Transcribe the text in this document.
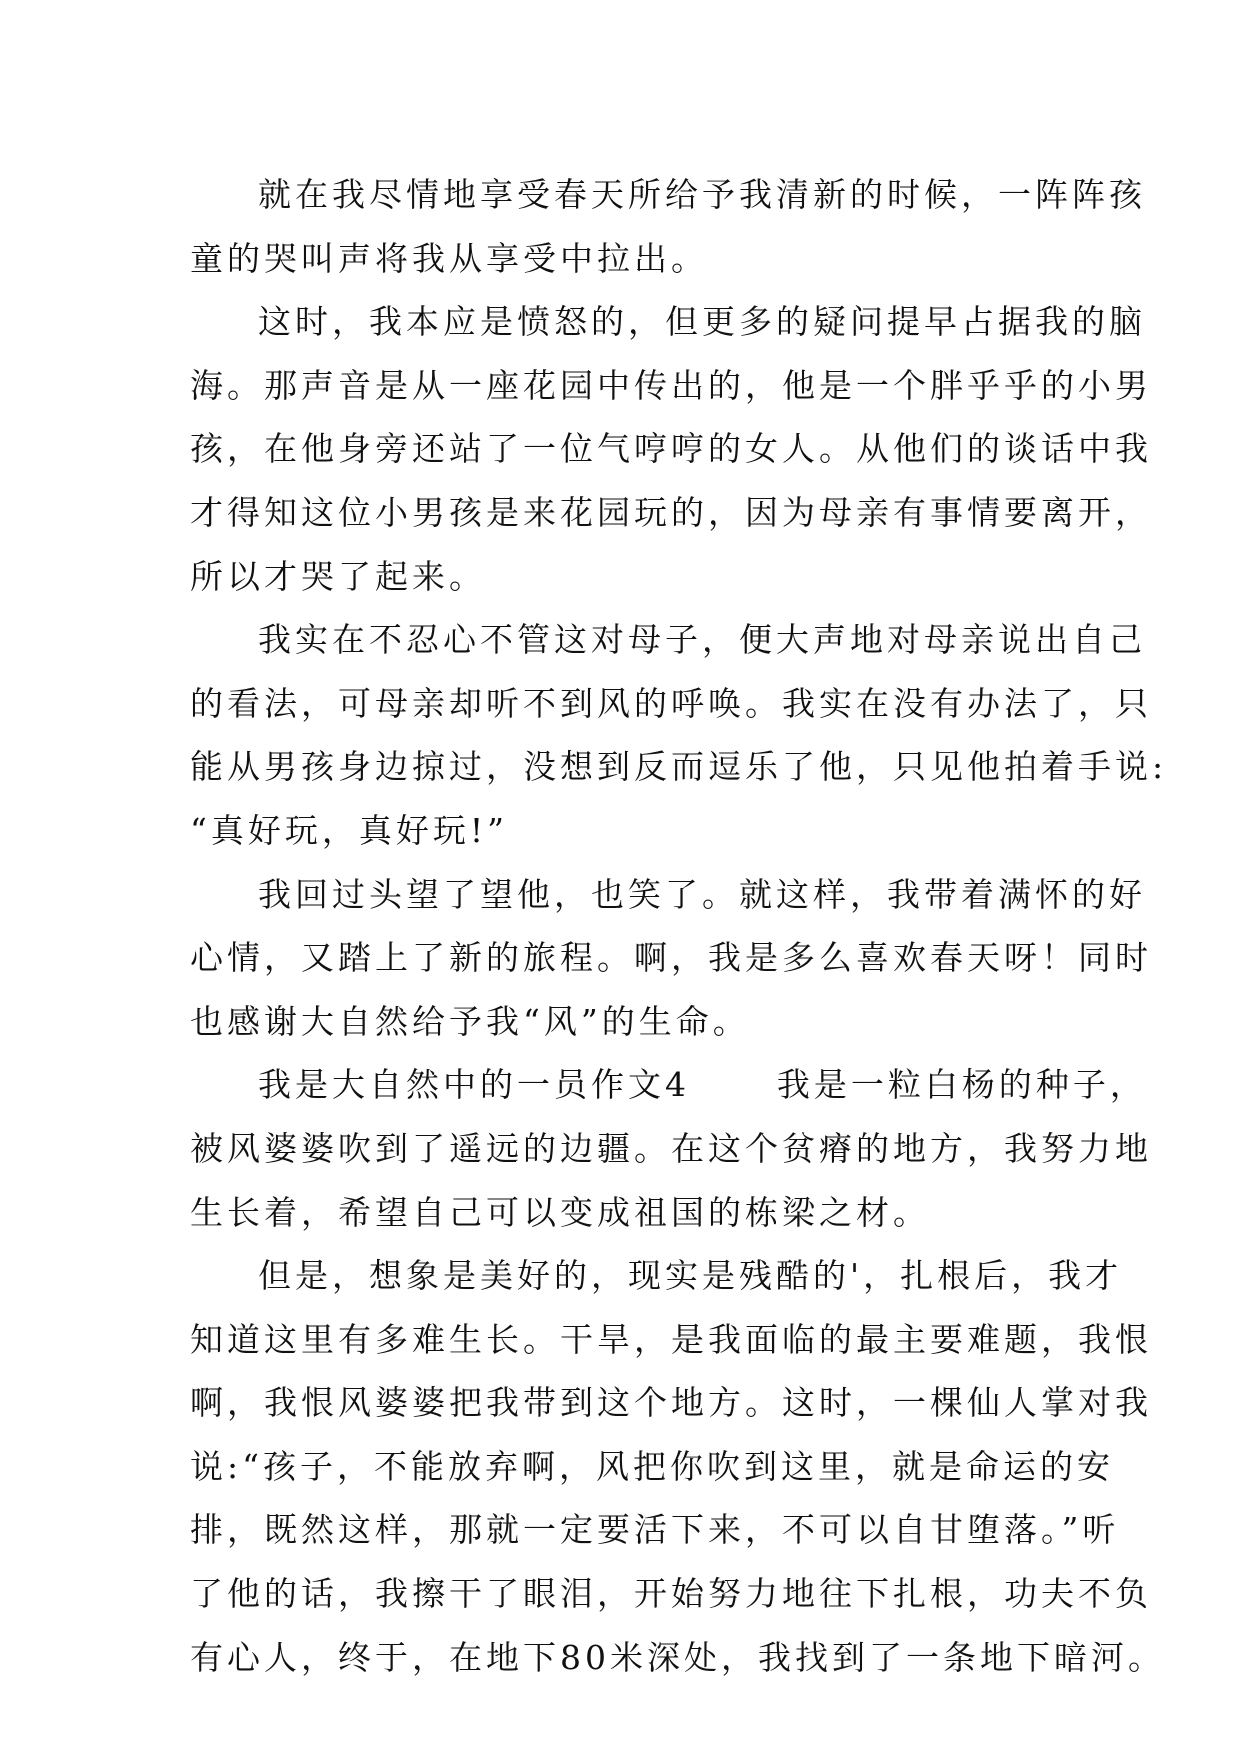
就在我尽情地享受春天所给予我清新的时候，一阵阵孩
童的哭叫声将我从享受中拉出。
这时，我本应是愤怒的，但更多的疑问提早占据我的脑
海。那声音是从一座花园中传出的，他是一个胖乎乎的小男
孩，在他身旁还站了一位气哼哼的女人。从他们的谈话中我
才得知这位小男孩是来花园玩的，因为母亲有事情要离开，
所以才哭了起来。
我实在不忍心不管这对母子，便大声地对母亲说出自己
的看法，可母亲却听不到风的呼唤。我实在没有办法了，只
能从男孩身边掠过，没想到反而逗乐了他，只见他拍着手说:
“真好玩，真好玩!”
我回过头望了望他，也笑了。就这样，我带着满怀的好
心情，又踏上了新的旅程。啊，我是多么喜欢春天呀！同时
也感谢大自然给予我“风”的生命。
我是大自然中的一员作文4      我是一粒白杨的种子，
被风婆婆吹到了遥远的边疆。在这个贫瘠的地方，我努力地
生长着，希望自己可以变成祖国的栋梁之材。
但是，想象是美好的，现实是残酷的'，扎根后，我才
知道这里有多难生长。干旱，是我面临的最主要难题，我恨
啊，我恨风婆婆把我带到这个地方。这时，一棵仙人掌对我
说:“孩子，不能放弃啊，风把你吹到这里，就是命运的安
排，既然这样，那就一定要活下来，不可以自甘堕落。”听
了他的话，我擦干了眼泪，开始努力地往下扎根，功夫不负
有心人，终于，在地下80米深处，我找到了一条地下暗河。
